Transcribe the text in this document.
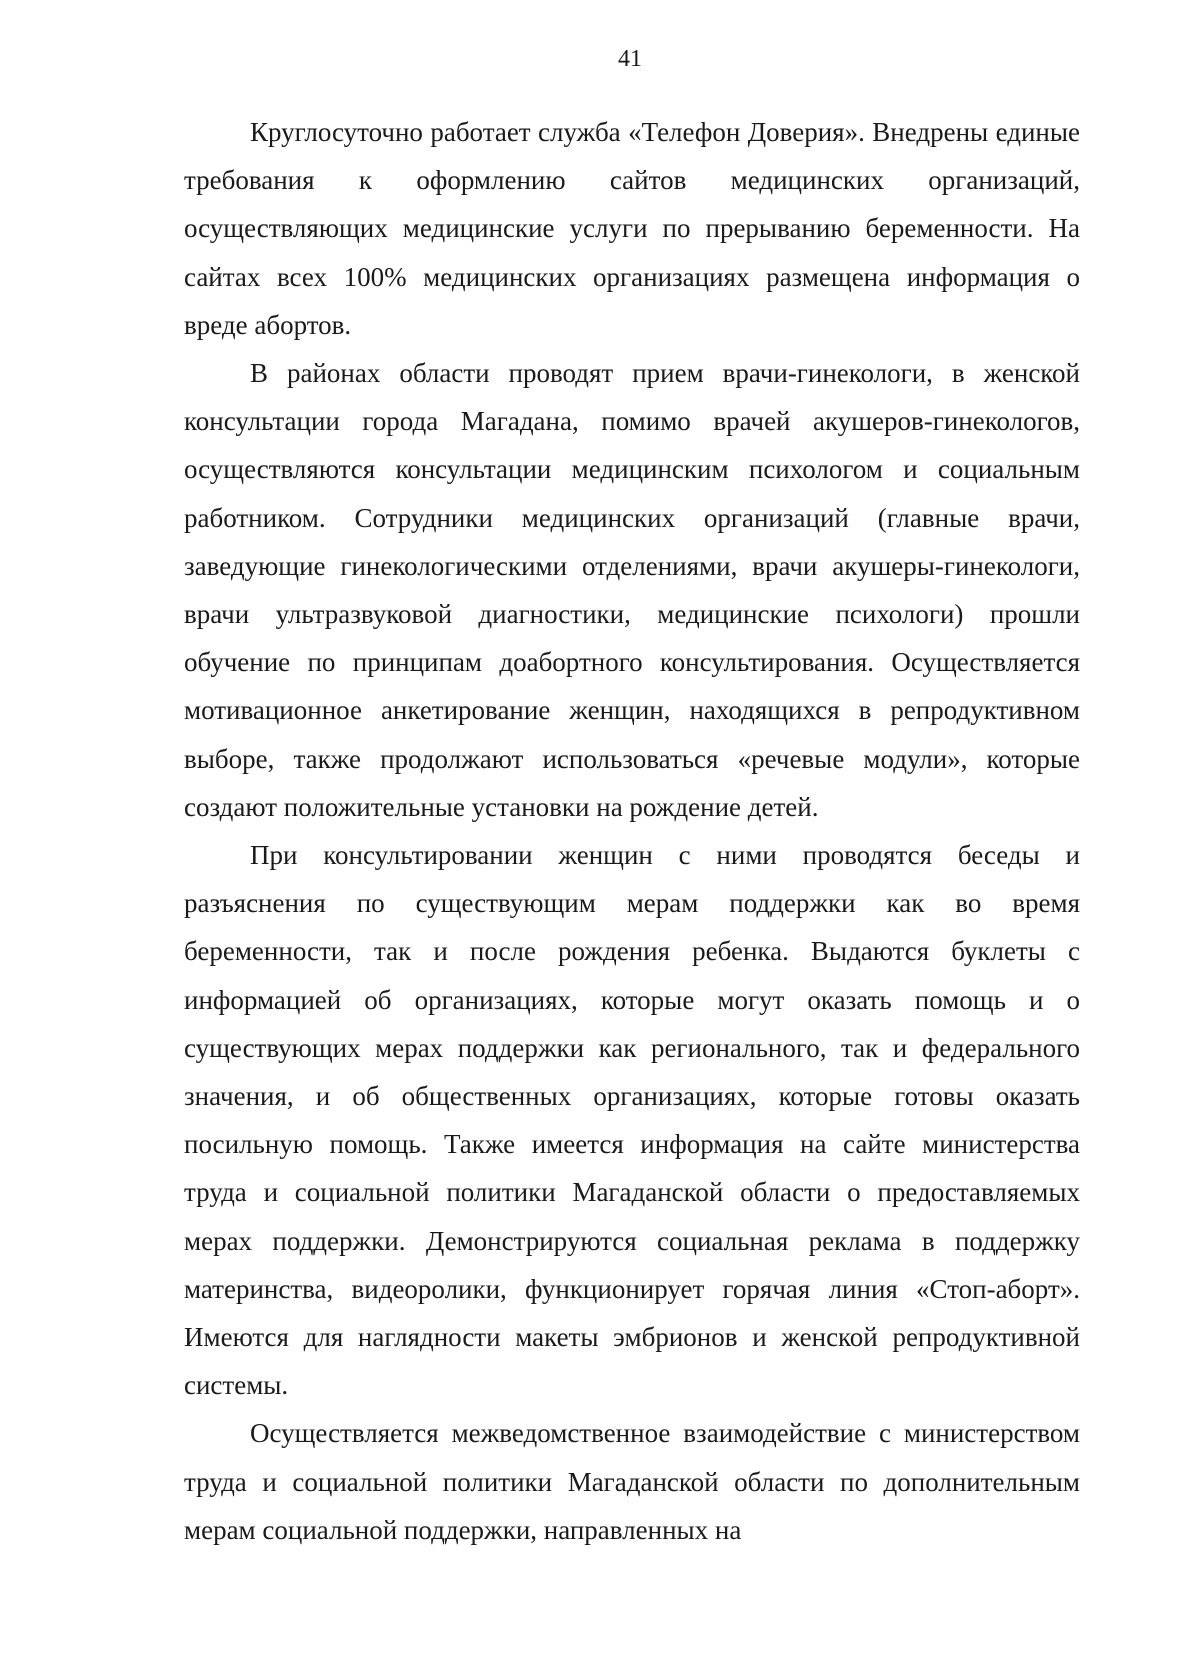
41

Круглосуточно работает служба «Телефон Доверия». Внедрены единые требования к оформлению сайтов медицинских организаций, осуществляющих медицинские услуги по прерыванию беременности. На сайтах всех 100% медицинских организациях размещена информация о вреде абортов.

В районах области проводят прием врачи-гинекологи, в женской консультации города Магадана, помимо врачей акушеров-гинекологов, осуществляются консультации медицинским психологом и социальным работником. Сотрудники медицинских организаций (главные врачи, заведующие гинекологическими отделениями, врачи акушеры-гинекологи, врачи ультразвуковой диагностики, медицинские психологи) прошли обучение по принципам доабортного консультирования. Осуществляется мотивационное анкетирование женщин, находящихся в репродуктивном выборе, также продолжают использоваться «речевые модули», которые создают положительные установки на рождение детей.

При консультировании женщин с ними проводятся беседы и разъяснения по существующим мерам поддержки как во время беременности, так и после рождения ребенка. Выдаются буклеты с информацией об организациях, которые могут оказать помощь и о существующих мерах поддержки как регионального, так и федерального значения, и об общественных организациях, которые готовы оказать посильную помощь. Также имеется информация на сайте министерства труда и социальной политики Магаданской области о предоставляемых мерах поддержки. Демонстрируются социальная реклама в поддержку материнства, видеоролики, функционирует горячая линия «Стоп-аборт». Имеются для наглядности макеты эмбрионов и женской репродуктивной системы.

Осуществляется межведомственное взаимодействие с министерством труда и социальной политики Магаданской области по дополнительным мерам социальной поддержки, направленных на
